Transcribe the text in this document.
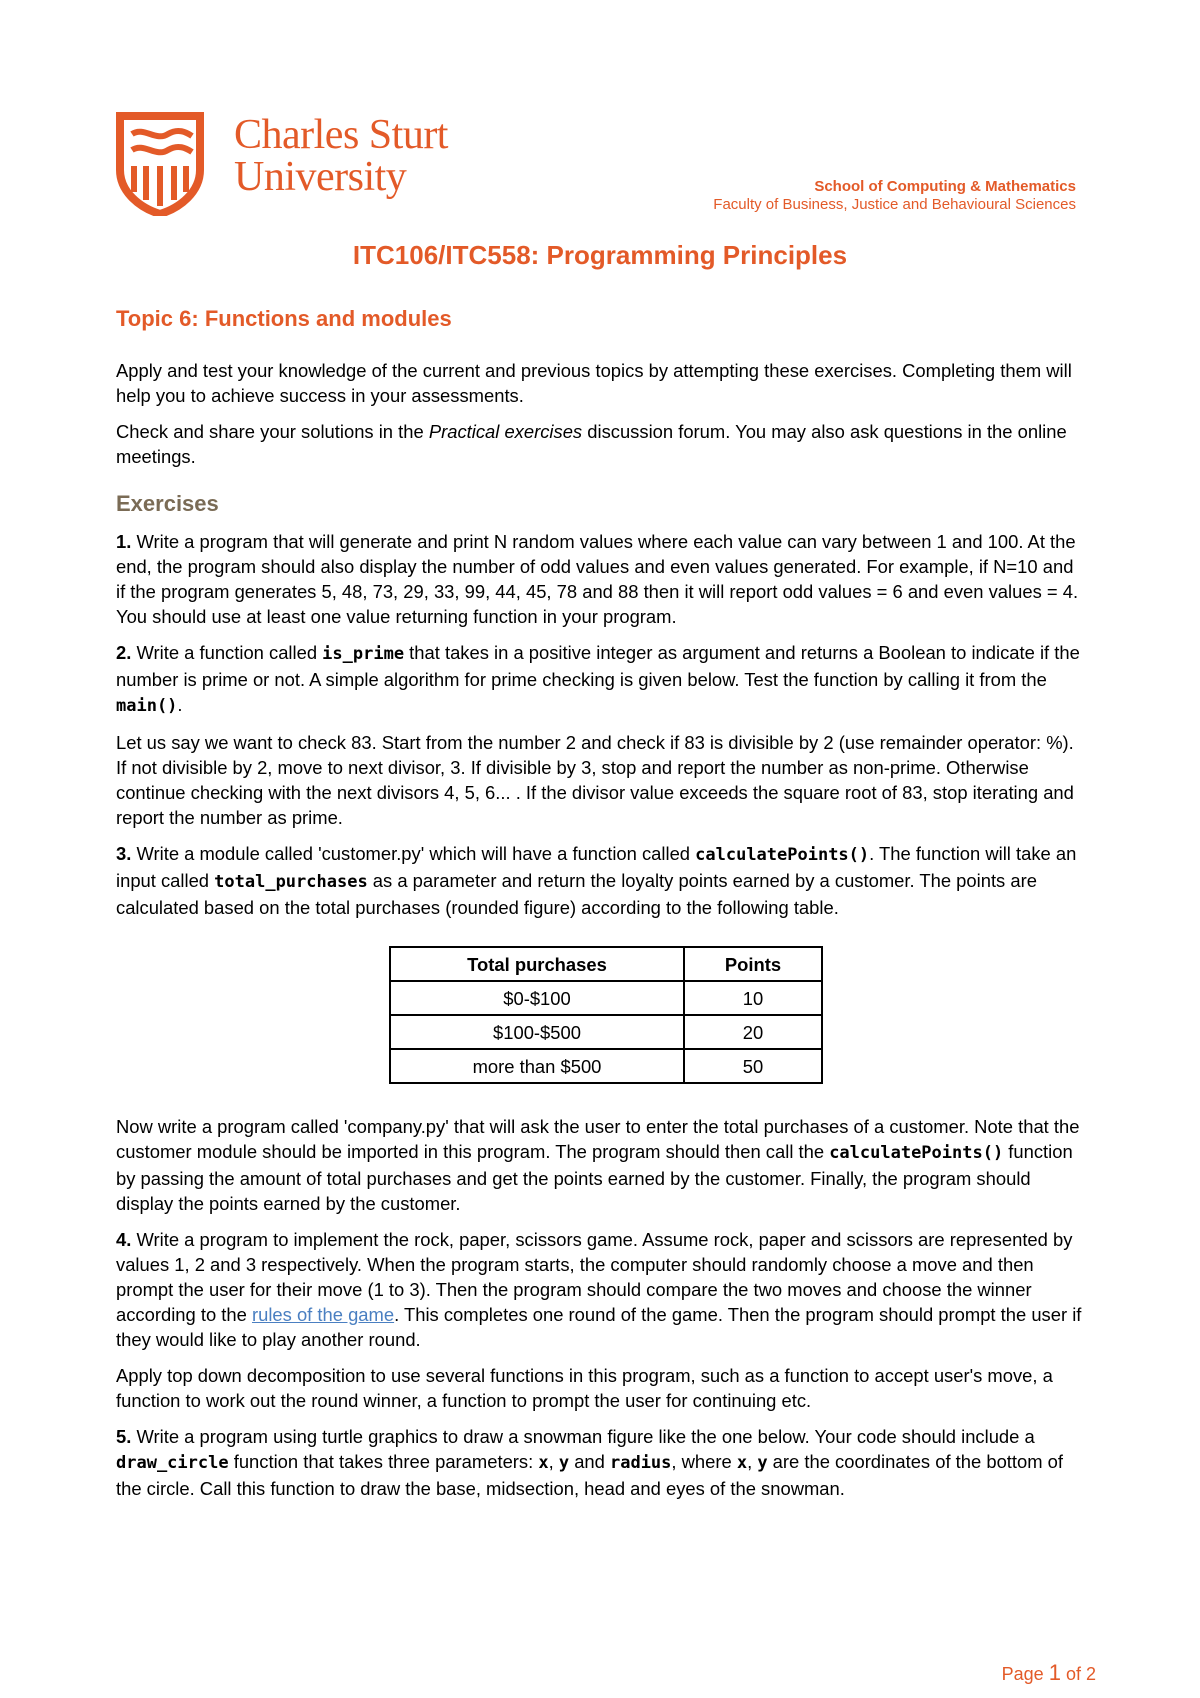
Charles Sturt
University	School of Computing & Mathematics
Faculty of Business, Justice and Behavioural Sciences
ITC106/ITC558: Programming Principles
Topic 6: Functions and modules

Apply and test your knowledge of the current and previous topics by attempting these exercises. Completing them will help you to achieve success in your assessments.

Check and share your solutions in the Practical exercises discussion forum. You may also ask questions in the online meetings.

Exercises

1. Write a program that will generate and print N random values where each value can vary between 1 and 100. At the end, the program should also display the number of odd values and even values generated. For example, if N=10 and if the program generates 5, 48, 73, 29, 33, 99, 44, 45, 78 and 88 then it will report odd values = 6 and even values = 4. You should use at least one value returning function in your program.

2. Write a function called is_prime that takes in a positive integer as argument and returns a Boolean to indicate if the number is prime or not. A simple algorithm for prime checking is given below. Test the function by calling it from the main().

Let us say we want to check 83. Start from the number 2 and check if 83 is divisible by 2 (use remainder operator: %). If not divisible by 2, move to next divisor, 3. If divisible by 3, stop and report the number as non-prime. Otherwise continue checking with the next divisors 4, 5, 6... . If the divisor value exceeds the square root of 83, stop iterating and report the number as prime.

3. Write a module called 'customer.py' which will have a function called calculatePoints(). The function will take an input called total_purchases as a parameter and return the loyalty points earned by a customer. The points are calculated based on the total purchases (rounded figure) according to the following table.

Total purchases	Points
$0-$100	10
$100-$500	20
more than $500	50

Now write a program called 'company.py' that will ask the user to enter the total purchases of a customer. Note that the customer module should be imported in this program. The program should then call the calculatePoints() function by passing the amount of total purchases and get the points earned by the customer. Finally, the program should display the points earned by the customer.

4. Write a program to implement the rock, paper, scissors game. Assume rock, paper and scissors are represented by values 1, 2 and 3 respectively. When the program starts, the computer should randomly choose a move and then prompt the user for their move (1 to 3). Then the program should compare the two moves and choose the winner according to the rules of the game. This completes one round of the game. Then the program should prompt the user if they would like to play another round.

Apply top down decomposition to use several functions in this program, such as a function to accept user's move, a function to work out the round winner, a function to prompt the user for continuing etc.

5. Write a program using turtle graphics to draw a snowman figure like the one below. Your code should include a draw_circle function that takes three parameters: x, y and radius, where x, y are the coordinates of the bottom of the circle. Call this function to draw the base, midsection, head and eyes of the snowman.

Page 1 of 2
